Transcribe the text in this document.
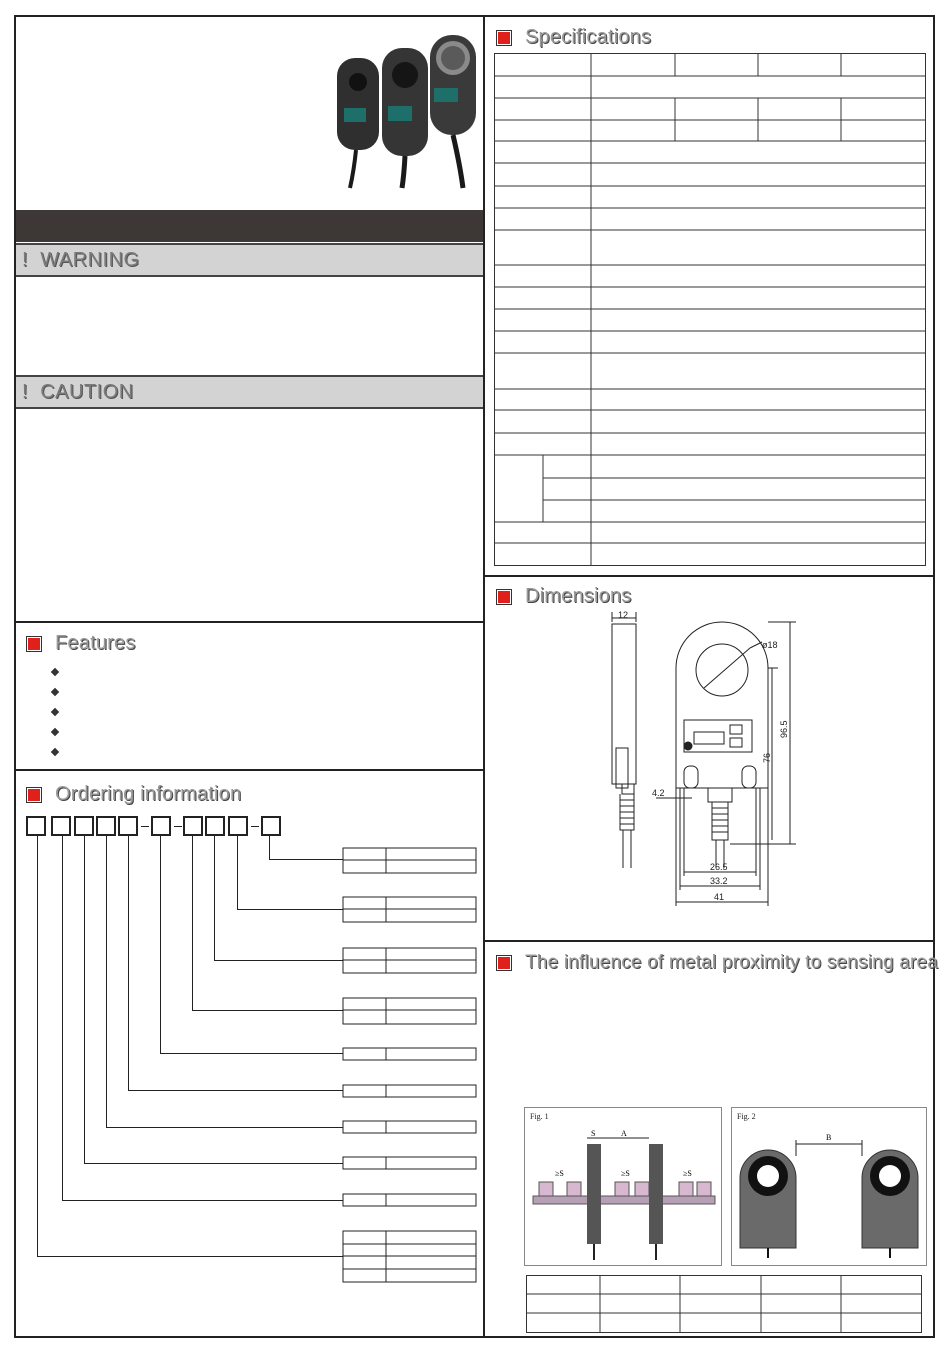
! WARNING
! CAUTION
Features
Ordering information
Specifications
Dimensions
12
ø18
96.5
76
4.2
26.5
33.2
41
The influence of metal proximity to sensing area
Fig. 1
S	A
≥S	≥S	≥S
Fig. 2
B
